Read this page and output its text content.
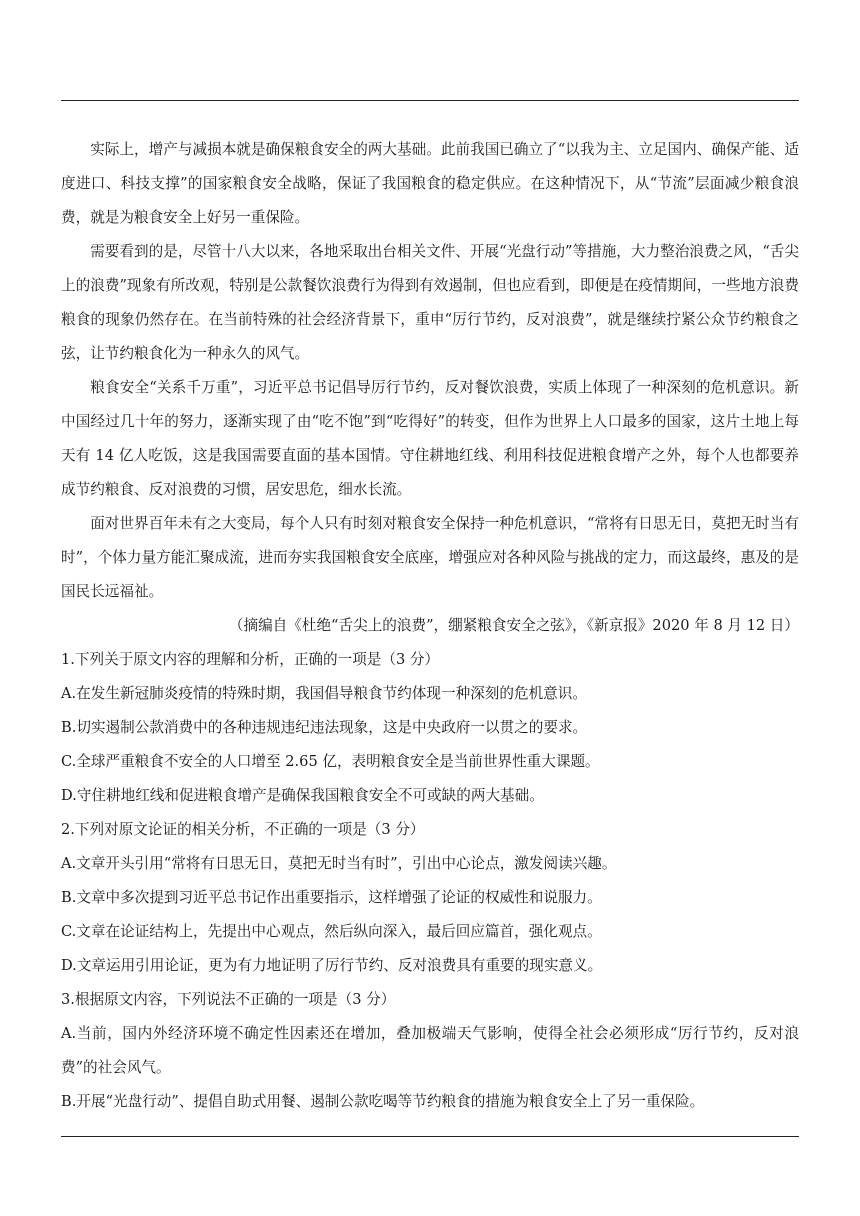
实际上，增产与减损本就是确保粮食安全的两大基础。此前我国已确立了“以我为主、立足国内、确保产能、适度进口、科技支撑”的国家粮食安全战略，保证了我国粮食的稳定供应。在这种情况下，从“节流”层面减少粮食浪费，就是为粮食安全上好另一重保险。

需要看到的是，尽管十八大以来，各地采取出台相关文件、开展“光盘行动”等措施，大力整治浪费之风，“舌尖上的浪费”现象有所改观，特别是公款餐饮浪费行为得到有效遏制，但也应看到，即便是在疫情期间，一些地方浪费粮食的现象仍然存在。在当前特殊的社会经济背景下，重申“厉行节约，反对浪费”，就是继续拧紧公众节约粮食之弦，让节约粮食化为一种永久的风气。

粮食安全“关系千万重”，习近平总书记倡导厉行节约，反对餐饮浪费，实质上体现了一种深刻的危机意识。新中国经过几十年的努力，逐渐实现了由“吃不饱”到“吃得好”的转变，但作为世界上人口最多的国家，这片土地上每天有 14 亿人吃饭，这是我国需要直面的基本国情。守住耕地红线、利用科技促进粮食增产之外，每个人也都要养成节约粮食、反对浪费的习惯，居安思危，细水长流。

面对世界百年未有之大变局，每个人只有时刻对粮食安全保持一种危机意识，“常将有日思无日，莫把无时当有时”，个体力量方能汇聚成流，进而夯实我国粮食安全底座，增强应对各种风险与挑战的定力，而这最终，惠及的是国民长远福祉。

（摘编自《杜绝“舌尖上的浪费”，绷紧粮食安全之弦》，《新京报》2020 年 8 月 12 日）

1.下列关于原文内容的理解和分析，正确的一项是（3 分）

A.在发生新冠肺炎疫情的特殊时期，我国倡导粮食节约体现一种深刻的危机意识。

B.切实遏制公款消费中的各种违规违纪违法现象，这是中央政府一以贯之的要求。

C.全球严重粮食不安全的人口增至 2.65 亿，表明粮食安全是当前世界性重大课题。

D.守住耕地红线和促进粮食增产是确保我国粮食安全不可或缺的两大基础。

2.下列对原文论证的相关分析，不正确的一项是（3 分）

A.文章开头引用“常将有日思无日，莫把无时当有时”，引出中心论点，激发阅读兴趣。

B.文章中多次提到习近平总书记作出重要指示，这样增强了论证的权威性和说服力。

C.文章在论证结构上，先提出中心观点，然后纵向深入，最后回应篇首，强化观点。

D.文章运用引用论证，更为有力地证明了厉行节约、反对浪费具有重要的现实意义。

3.根据原文内容，下列说法不正确的一项是（3 分）

A.当前，国内外经济环境不确定性因素还在增加，叠加极端天气影响，使得全社会必须形成“厉行节约，反对浪费”的社会风气。

B.开展“光盘行动”、提倡自助式用餐、遏制公款吃喝等节约粮食的措施为粮食安全上了另一重保险。
